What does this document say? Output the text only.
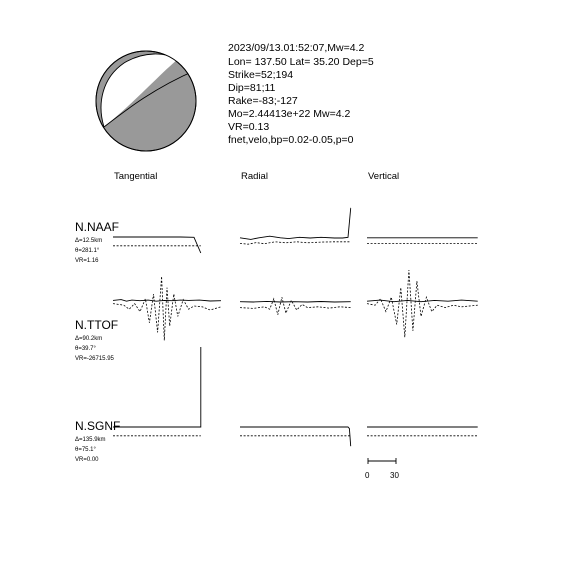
2023/09/13.01:52:07,Mw=4.2
Lon= 137.50 Lat= 35.20 Dep=5
Strike=52;194
Dip=81;11
Rake=-83;-127
Mo=2.44413e+22 Mw=4.2
VR=0.13
fnet,velo,bp=0.02-0.05,p=0
Tangential	Radial	Vertical
N.NAAF
Δ=12.5km
θ=281.1°
VR=1.16
N.TTOF
Δ=90.2km
θ=39.7°
VR=-26715.95
N.SGNF
Δ=135.9km
θ=75.1°
VR=0.00
0	30
